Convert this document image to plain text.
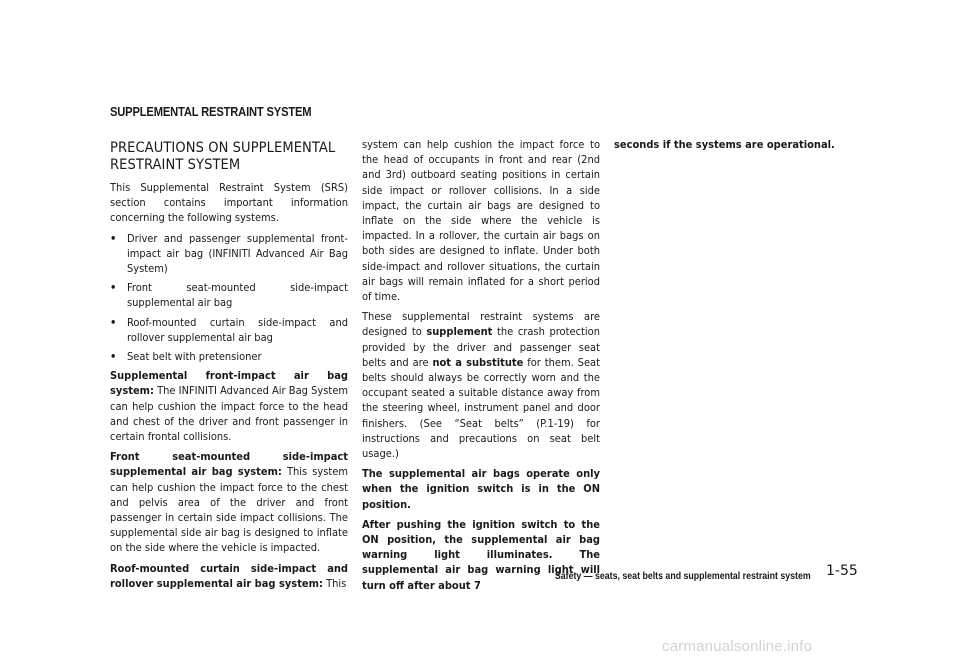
SUPPLEMENTAL RESTRAINT SYSTEM
PRECAUTIONS ON SUPPLEMENTAL RESTRAINT SYSTEM

This Supplemental Restraint System (SRS) section contains important information concerning the following systems.

• Driver and passenger supplemental front-impact air bag (INFINITI Advanced Air Bag System)
• Front seat-mounted side-impact supplemental air bag
• Roof-mounted curtain side-impact and rollover supplemental air bag
• Seat belt with pretensioner

Supplemental front-impact air bag system: The INFINITI Advanced Air Bag System can help cushion the impact force to the head and chest of the driver and front passenger in certain frontal collisions.

Front seat-mounted side-impact supplemental air bag system: This system can help cushion the impact force to the chest and pelvis area of the driver and front passenger in certain side impact collisions. The supplemental side air bag is designed to inflate on the side where the vehicle is impacted.

Roof-mounted curtain side-impact and rollover supplemental air bag system: This

system can help cushion the impact force to the head of occupants in front and rear (2nd and 3rd) outboard seating positions in certain side impact or rollover collisions. In a side impact, the curtain air bags are designed to inflate on the side where the vehicle is impacted. In a rollover, the curtain air bags on both sides are designed to inflate. Under both side-impact and rollover situations, the curtain air bags will remain inflated for a short period of time.

These supplemental restraint systems are designed to supplement the crash protection provided by the driver and passenger seat belts and are not a substitute for them. Seat belts should always be correctly worn and the occupant seated a suitable distance away from the steering wheel, instrument panel and door finishers. (See “Seat belts” (P.1-19) for instructions and precautions on seat belt usage.)

The supplemental air bags operate only when the ignition switch is in the ON position.

After pushing the ignition switch to the ON position, the supplemental air bag warning light illuminates. The supplemental air bag warning light will turn off after about 7

seconds if the systems are operational.

Safety — seats, seat belts and supplemental restraint system 1-55
carmanualsonline.info
